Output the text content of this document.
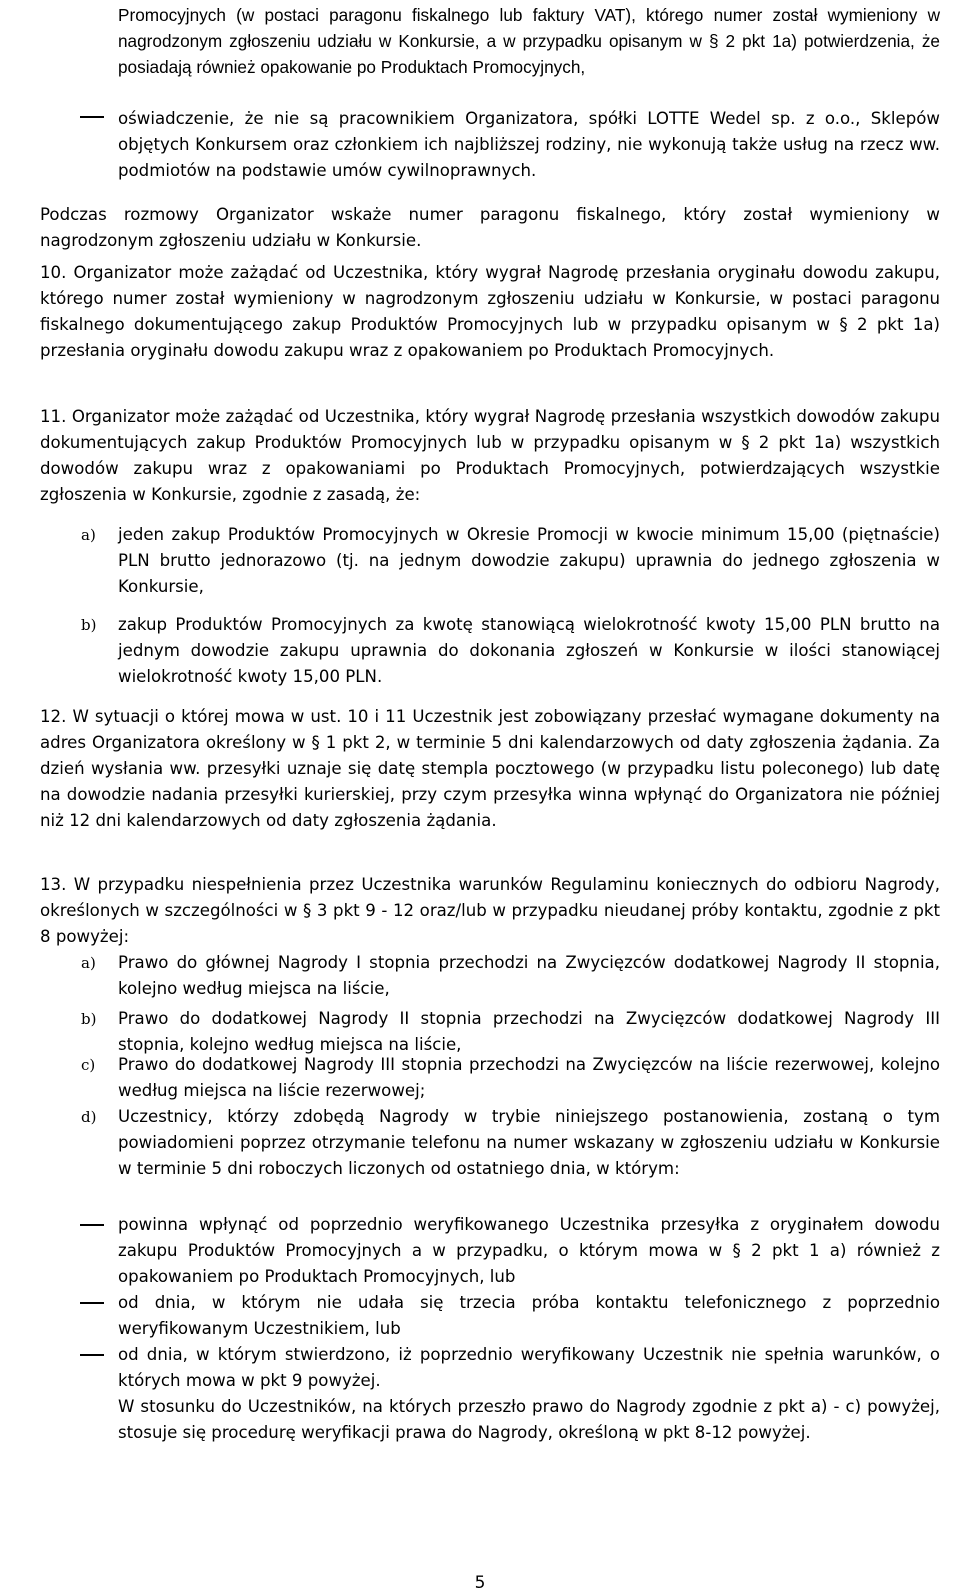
Promocyjnych (w postaci paragonu fiskalnego lub faktury VAT), którego numer został wymieniony w nagrodzonym zgłoszeniu udziału w Konkursie, a w przypadku opisanym w § 2 pkt 1a) potwierdzenia, że posiadają również opakowanie po Produktach Promocyjnych,

oświadczenie, że nie są pracownikiem Organizatora, spółki LOTTE Wedel sp. z o.o., Sklepów objętych Konkursem oraz członkiem ich najbliższej rodziny, nie wykonują także usług na rzecz ww. podmiotów na podstawie umów cywilnoprawnych.

Podczas rozmowy Organizator wskaże numer paragonu fiskalnego, który został wymieniony w nagrodzonym zgłoszeniu udziału w Konkursie.

10. Organizator może zażądać od Uczestnika, który wygrał Nagrodę przesłania oryginału dowodu zakupu, którego numer został wymieniony w nagrodzonym zgłoszeniu udziału w Konkursie, w postaci paragonu fiskalnego dokumentującego zakup Produktów Promocyjnych lub w przypadku opisanym w § 2 pkt 1a) przesłania oryginału dowodu zakupu wraz z opakowaniem po Produktach Promocyjnych.

11. Organizator może zażądać od Uczestnika, który wygrał Nagrodę przesłania wszystkich dowodów zakupu dokumentujących zakup Produktów Promocyjnych lub w przypadku opisanym w § 2 pkt 1a) wszystkich dowodów zakupu wraz z opakowaniami po Produktach Promocyjnych, potwierdzających wszystkie zgłoszenia w Konkursie, zgodnie z zasadą, że:

a) jeden zakup Produktów Promocyjnych w Okresie Promocji w kwocie minimum 15,00 (piętnaście) PLN brutto jednorazowo (tj. na jednym dowodzie zakupu) uprawnia do jednego zgłoszenia w Konkursie,

b) zakup Produktów Promocyjnych za kwotę stanowiącą wielokrotność kwoty 15,00 PLN brutto na jednym dowodzie zakupu uprawnia do dokonania zgłoszeń w Konkursie w ilości stanowiącej wielokrotność kwoty 15,00 PLN.

12. W sytuacji o której mowa w ust. 10 i 11 Uczestnik jest zobowiązany przesłać wymagane dokumenty na adres Organizatora określony w § 1 pkt 2, w terminie 5 dni kalendarzowych od daty zgłoszenia żądania. Za dzień wysłania ww. przesyłki uznaje się datę stempla pocztowego (w przypadku listu poleconego) lub datę na dowodzie nadania przesyłki kurierskiej, przy czym przesyłka winna wpłynąć do Organizatora nie później niż 12 dni kalendarzowych od daty zgłoszenia żądania.

13. W przypadku niespełnienia przez Uczestnika warunków Regulaminu koniecznych do odbioru Nagrody, określonych w szczególności w § 3 pkt 9 - 12 oraz/lub w przypadku nieudanej próby kontaktu, zgodnie z pkt 8 powyżej:

a) Prawo do głównej Nagrody I stopnia przechodzi na Zwycięzców dodatkowej Nagrody II stopnia, kolejno według miejsca na liście,

b) Prawo do dodatkowej Nagrody II stopnia przechodzi na Zwycięzców dodatkowej Nagrody III stopnia, kolejno według miejsca na liście,

c) Prawo do dodatkowej Nagrody III stopnia przechodzi na Zwycięzców na liście rezerwowej, kolejno według miejsca na liście rezerwowej;

d) Uczestnicy, którzy zdobędą Nagrody w trybie niniejszego postanowienia, zostaną o tym powiadomieni poprzez otrzymanie telefonu na numer wskazany w zgłoszeniu udziału w Konkursie w terminie 5 dni roboczych liczonych od ostatniego dnia, w którym:

powinna wpłynąć od poprzednio weryfikowanego Uczestnika przesyłka z oryginałem dowodu zakupu Produktów Promocyjnych a w przypadku, o którym mowa w § 2 pkt 1 a) również z opakowaniem po Produktach Promocyjnych, lub

od dnia, w którym nie udała się trzecia próba kontaktu telefonicznego z poprzednio weryfikowanym Uczestnikiem, lub

od dnia, w którym stwierdzono, iż poprzednio weryfikowany Uczestnik nie spełnia warunków, o których mowa w pkt 9 powyżej.

W stosunku do Uczestników, na których przeszło prawo do Nagrody zgodnie z pkt a) - c) powyżej, stosuje się procedurę weryfikacji prawa do Nagrody, określoną w pkt 8-12 powyżej.

5
